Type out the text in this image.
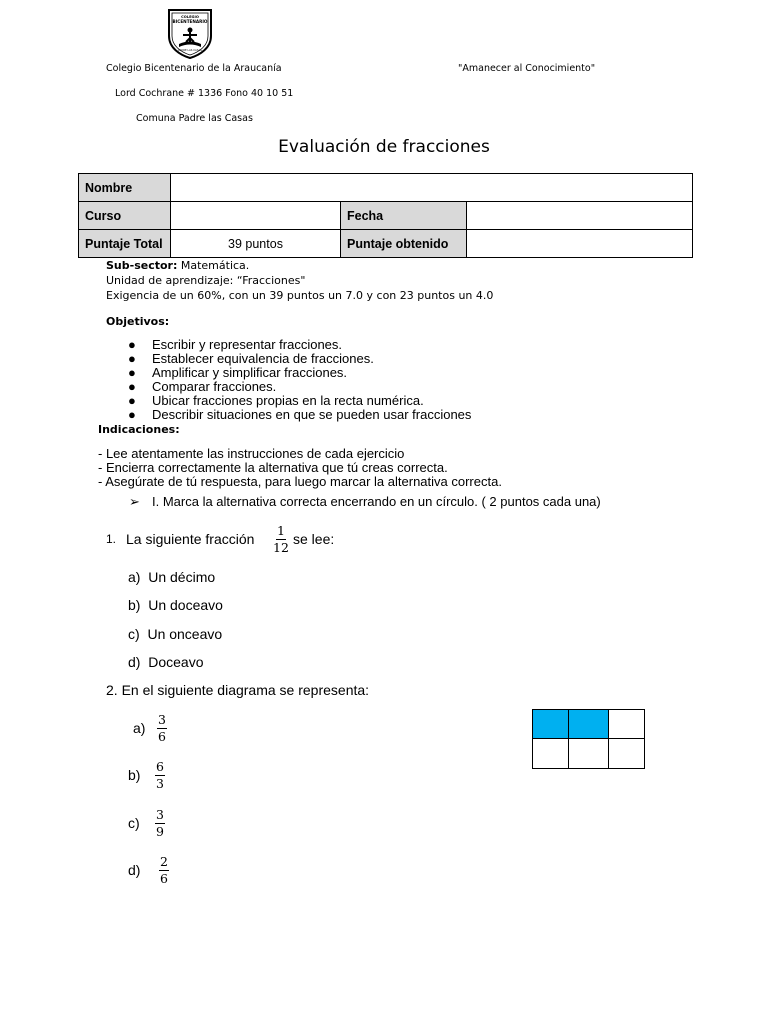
COLEGIO
BICENTENARIO
PADRE LAS CASAS
Colegio Bicentenario de la Araucanía	"Amanecer al Conocimiento"
Lord Cochrane # 1336 Fono 40 10 51
Comuna Padre las Casas
Evaluación de fracciones
Nombre			
Curso		Fecha	
Puntaje Total	39 puntos	Puntaje obtenido	
Sub-sector: Matemática.
Unidad de aprendizaje: “Fracciones"
Exigencia de un 60%, con un 39 puntos un 7.0 y con 23 puntos un 4.0
Objetivos:
● Escribir y representar fracciones.
● Establecer equivalencia de fracciones.
● Amplificar y simplificar fracciones.
● Comparar fracciones.
● Ubicar fracciones propias en la recta numérica.
● Describir situaciones en que se pueden usar fracciones
Indicaciones:
- Lee atentamente las instrucciones de cada ejercicio
- Encierra correctamente la alternativa que tú creas correcta.
- Asegúrate de tú respuesta, para luego marcar la alternativa correcta.
➢ I. Marca la alternativa correcta encerrando en un círculo. ( 2 puntos cada una)
1. La siguiente fracción $\frac{1}{12}$ se lee:
a) Un décimo
b) Un doceavo
c) Un onceavo
d) Doceavo
2. En el siguiente diagrama se representa:
$a) \frac{3}{6}$
$b) \frac{6}{3}$
$c) \frac{3}{9}$
$d) \frac{2}{6}$
